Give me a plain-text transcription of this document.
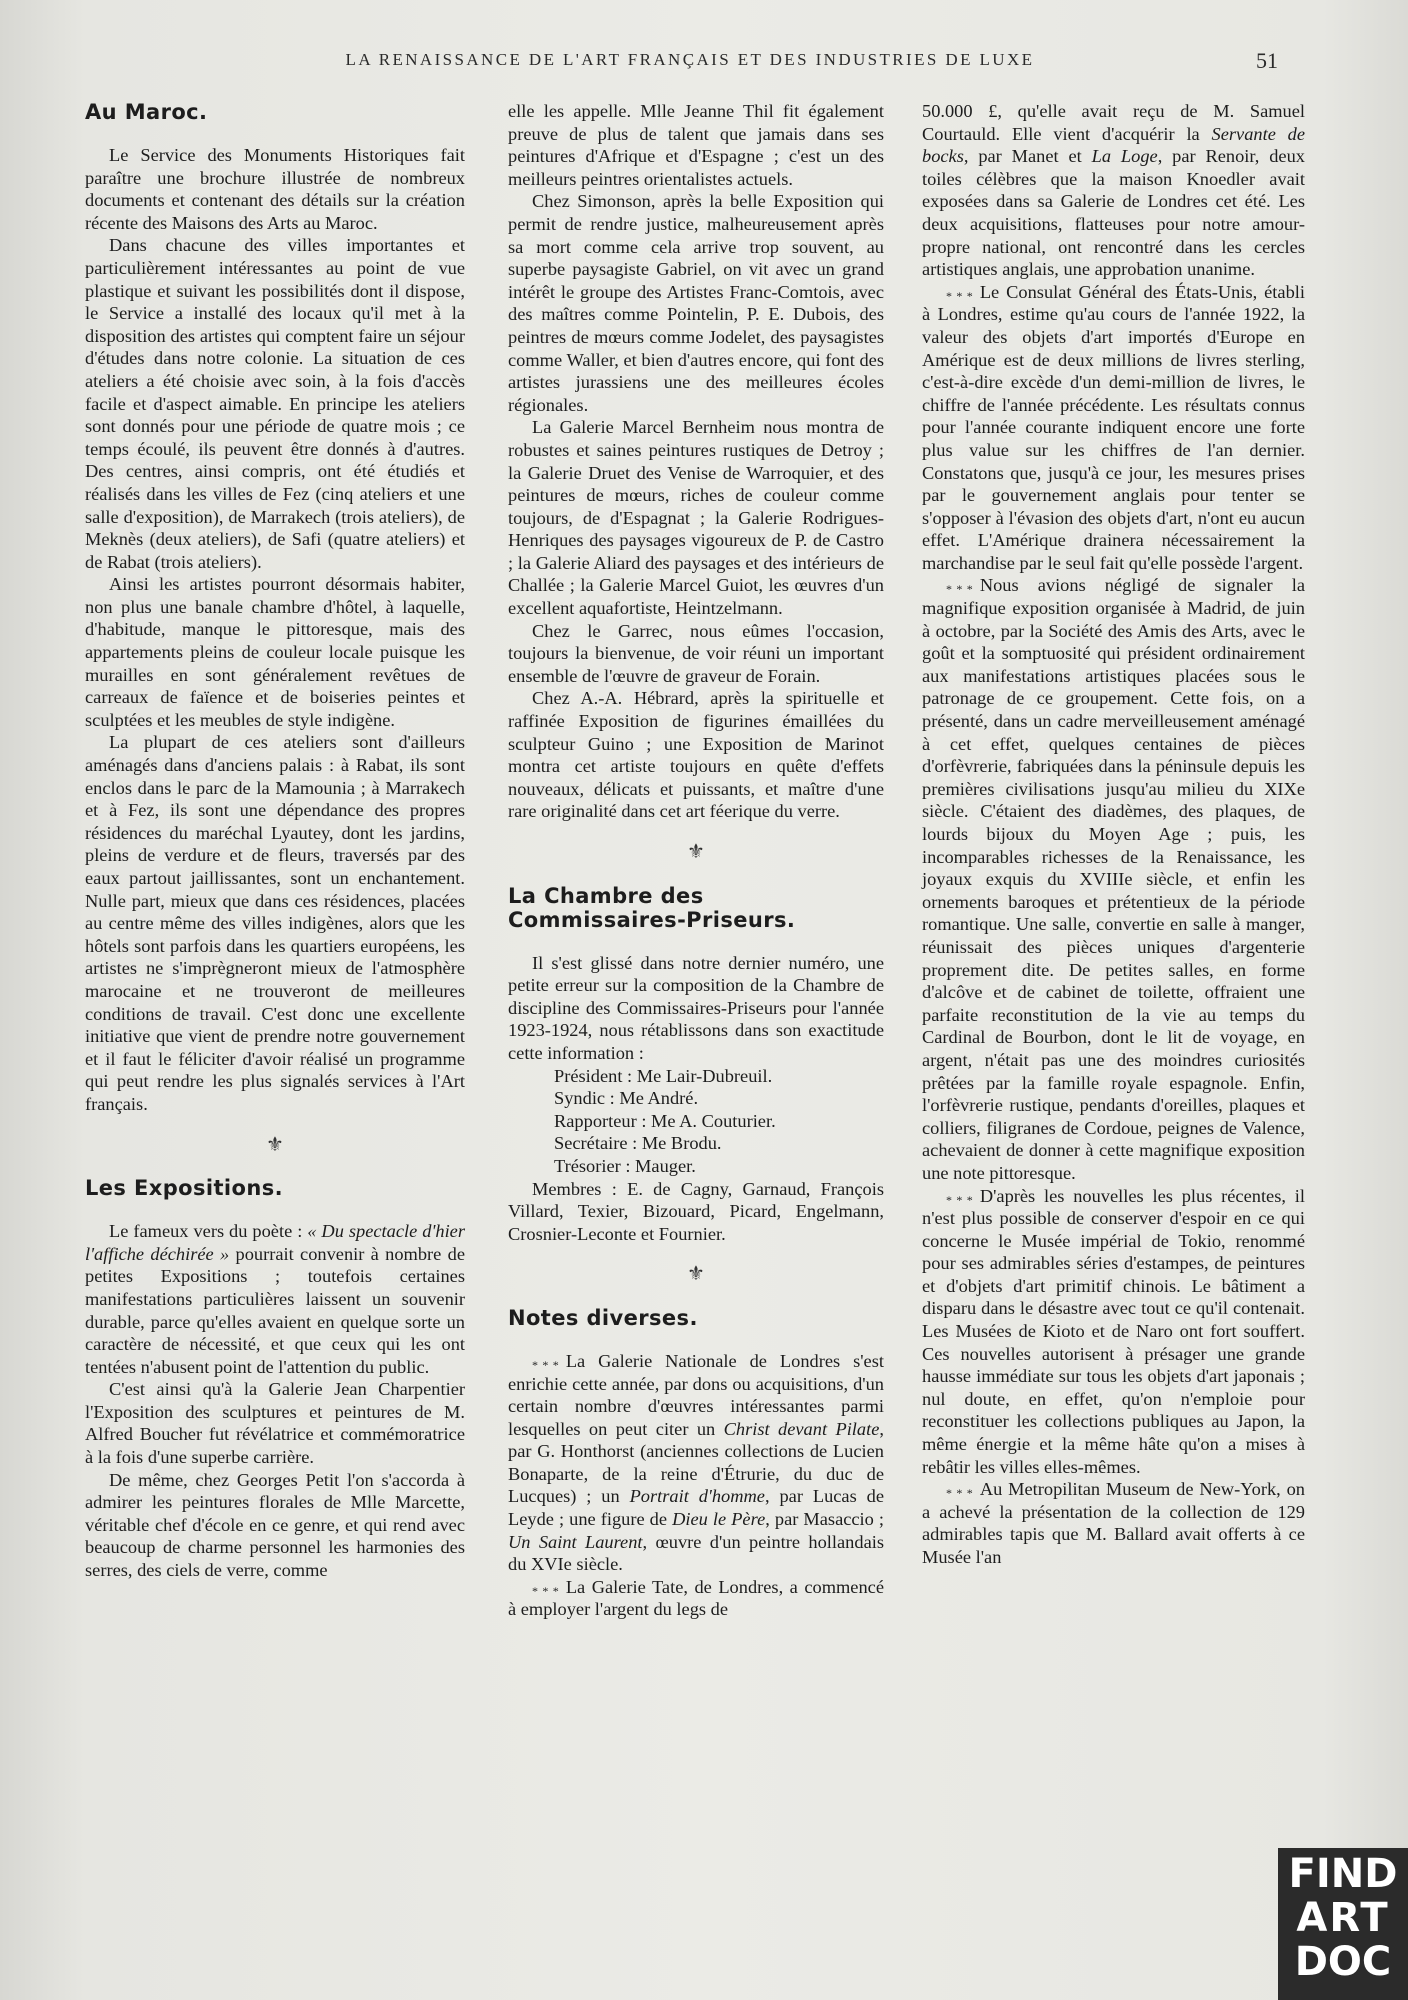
LA RENAISSANCE DE L'ART FRANÇAIS ET DES INDUSTRIES DE LUXE	51
Au Maroc.

Le Service des Monuments Historiques fait paraître une brochure illustrée de nombreux documents et contenant des détails sur la création récente des Maisons des Arts au Maroc.

Dans chacune des villes importantes et particulièrement intéressantes au point de vue plastique et suivant les possibilités dont il dispose, le Service a installé des locaux qu'il met à la disposition des artistes qui comptent faire un séjour d'études dans notre colonie. La situation de ces ateliers a été choisie avec soin, à la fois d'accès facile et d'aspect aimable. En principe les ateliers sont donnés pour une période de quatre mois ; ce temps écoulé, ils peuvent être donnés à d'autres. Des centres, ainsi compris, ont été étudiés et réalisés dans les villes de Fez (cinq ateliers et une salle d'exposition), de Marrakech (trois ateliers), de Meknès (deux ateliers), de Safi (quatre ateliers) et de Rabat (trois ateliers).

Ainsi les artistes pourront désormais habiter, non plus une banale chambre d'hôtel, à laquelle, d'habitude, manque le pittoresque, mais des appartements pleins de couleur locale puisque les murailles en sont généralement revêtues de carreaux de faïence et de boiseries peintes et sculptées et les meubles de style indigène.

La plupart de ces ateliers sont d'ailleurs aménagés dans d'anciens palais : à Rabat, ils sont enclos dans le parc de la Mamounia ; à Marrakech et à Fez, ils sont une dépendance des propres résidences du maréchal Lyautey, dont les jardins, pleins de verdure et de fleurs, traversés par des eaux partout jaillissantes, sont un enchantement. Nulle part, mieux que dans ces résidences, placées au centre même des villes indigènes, alors que les hôtels sont parfois dans les quartiers européens, les artistes ne s'imprègneront mieux de l'atmosphère marocaine et ne trouveront de meilleures conditions de travail. C'est donc une excellente initiative que vient de prendre notre gouvernement et il faut le féliciter d'avoir réalisé un programme qui peut rendre les plus signalés services à l'Art français.

⚜
Les Expositions.

Le fameux vers du poète : « Du spectacle d'hier l'affiche déchirée » pourrait convenir à nombre de petites Expositions ; toutefois certaines manifestations particulières laissent un souvenir durable, parce qu'elles avaient en quelque sorte un caractère de nécessité, et que ceux qui les ont tentées n'abusent point de l'attention du public.

C'est ainsi qu'à la Galerie Jean Charpentier l'Exposition des sculptures et peintures de M. Alfred Boucher fut révélatrice et commémoratrice à la fois d'une superbe carrière.

De même, chez Georges Petit l'on s'accorda à admirer les peintures florales de Mlle Marcette, véritable chef d'école en ce genre, et qui rend avec beaucoup de charme personnel les harmonies des serres, des ciels de verre, comme

elle les appelle. Mlle Jeanne Thil fit également preuve de plus de talent que jamais dans ses peintures d'Afrique et d'Espagne ; c'est un des meilleurs peintres orientalistes actuels.

Chez Simonson, après la belle Exposition qui permit de rendre justice, malheureusement après sa mort comme cela arrive trop souvent, au superbe paysagiste Gabriel, on vit avec un grand intérêt le groupe des Artistes Franc-Comtois, avec des maîtres comme Pointelin, P. E. Dubois, des peintres de mœurs comme Jodelet, des paysagistes comme Waller, et bien d'autres encore, qui font des artistes jurassiens une des meilleures écoles régionales.

La Galerie Marcel Bernheim nous montra de robustes et saines peintures rustiques de Detroy ; la Galerie Druet des Venise de Warroquier, et des peintures de mœurs, riches de couleur comme toujours, de d'Espagnat ; la Galerie Rodrigues-Henriques des paysages vigoureux de P. de Castro ; la Galerie Aliard des paysages et des intérieurs de Challée ; la Galerie Marcel Guiot, les œuvres d'un excellent aquafortiste, Heintzelmann.

Chez le Garrec, nous eûmes l'occasion, toujours la bienvenue, de voir réuni un important ensemble de l'œuvre de graveur de Forain.

Chez A.-A. Hébrard, après la spirituelle et raffinée Exposition de figurines émaillées du sculpteur Guino ; une Exposition de Marinot montra cet artiste toujours en quête d'effets nouveaux, délicats et puissants, et maître d'une rare originalité dans cet art féerique du verre.

⚜
La Chambre des Commissaires-Priseurs.

Il s'est glissé dans notre dernier numéro, une petite erreur sur la composition de la Chambre de discipline des Commissaires-Priseurs pour l'année 1923-1924, nous rétablissons dans son exactitude cette information :

Président : Me Lair-Dubreuil.

Syndic : Me André.

Rapporteur : Me A. Couturier.

Secrétaire : Me Brodu.

Trésorier : Mauger.

Membres : E. de Cagny, Garnaud, François Villard, Texier, Bizouard, Picard, Engelmann, Crosnier-Leconte et Fournier.

⚜
Notes diverses.

* * * La Galerie Nationale de Londres s'est enrichie cette année, par dons ou acquisitions, d'un certain nombre d'œuvres intéressantes parmi lesquelles on peut citer un Christ devant Pilate, par G. Honthorst (anciennes collections de Lucien Bonaparte, de la reine d'Étrurie, du duc de Lucques) ; un Portrait d'homme, par Lucas de Leyde ; une figure de Dieu le Père, par Masaccio ; Un Saint Laurent, œuvre d'un peintre hollandais du XVIe siècle.

* * * La Galerie Tate, de Londres, a commencé à employer l'argent du legs de

50.000 £, qu'elle avait reçu de M. Samuel Courtauld. Elle vient d'acquérir la Servante de bocks, par Manet et La Loge, par Renoir, deux toiles célèbres que la maison Knoedler avait exposées dans sa Galerie de Londres cet été. Les deux acquisitions, flatteuses pour notre amour-propre national, ont rencontré dans les cercles artistiques anglais, une approbation unanime.

* * * Le Consulat Général des États-Unis, établi à Londres, estime qu'au cours de l'année 1922, la valeur des objets d'art importés d'Europe en Amérique est de deux millions de livres sterling, c'est-à-dire excède d'un demi-million de livres, le chiffre de l'année précédente. Les résultats connus pour l'année courante indiquent encore une forte plus value sur les chiffres de l'an dernier. Constatons que, jusqu'à ce jour, les mesures prises par le gouvernement anglais pour tenter se s'opposer à l'évasion des objets d'art, n'ont eu aucun effet. L'Amérique drainera nécessairement la marchandise par le seul fait qu'elle possède l'argent.

* * * Nous avions négligé de signaler la magnifique exposition organisée à Madrid, de juin à octobre, par la Société des Amis des Arts, avec le goût et la somptuosité qui président ordinairement aux manifestations artistiques placées sous le patronage de ce groupement. Cette fois, on a présenté, dans un cadre merveilleusement aménagé à cet effet, quelques centaines de pièces d'orfèvrerie, fabriquées dans la péninsule depuis les premières civilisations jusqu'au milieu du XIXe siècle. C'étaient des diadèmes, des plaques, de lourds bijoux du Moyen Age ; puis, les incomparables richesses de la Renaissance, les joyaux exquis du XVIIIe siècle, et enfin les ornements baroques et prétentieux de la période romantique. Une salle, convertie en salle à manger, réunissait des pièces uniques d'argenterie proprement dite. De petites salles, en forme d'alcôve et de cabinet de toilette, offraient une parfaite reconstitution de la vie au temps du Cardinal de Bourbon, dont le lit de voyage, en argent, n'était pas une des moindres curiosités prêtées par la famille royale espagnole. Enfin, l'orfèvrerie rustique, pendants d'oreilles, plaques et colliers, filigranes de Cordoue, peignes de Valence, achevaient de donner à cette magnifique exposition une note pittoresque.

* * * D'après les nouvelles les plus récentes, il n'est plus possible de conserver d'espoir en ce qui concerne le Musée impérial de Tokio, renommé pour ses admirables séries d'estampes, de peintures et d'objets d'art primitif chinois. Le bâtiment a disparu dans le désastre avec tout ce qu'il contenait. Les Musées de Kioto et de Naro ont fort souffert. Ces nouvelles autorisent à présager une grande hausse immédiate sur tous les objets d'art japonais ; nul doute, en effet, qu'on n'emploie pour reconstituer les collections publiques au Japon, la même énergie et la même hâte qu'on a mises à rebâtir les villes elles-mêmes.

* * * Au Metropilitan Museum de New-York, on a achevé la présentation de la collection de 129 admirables tapis que M. Ballard avait offerts à ce Musée l'an

FIND
ART
DOC
